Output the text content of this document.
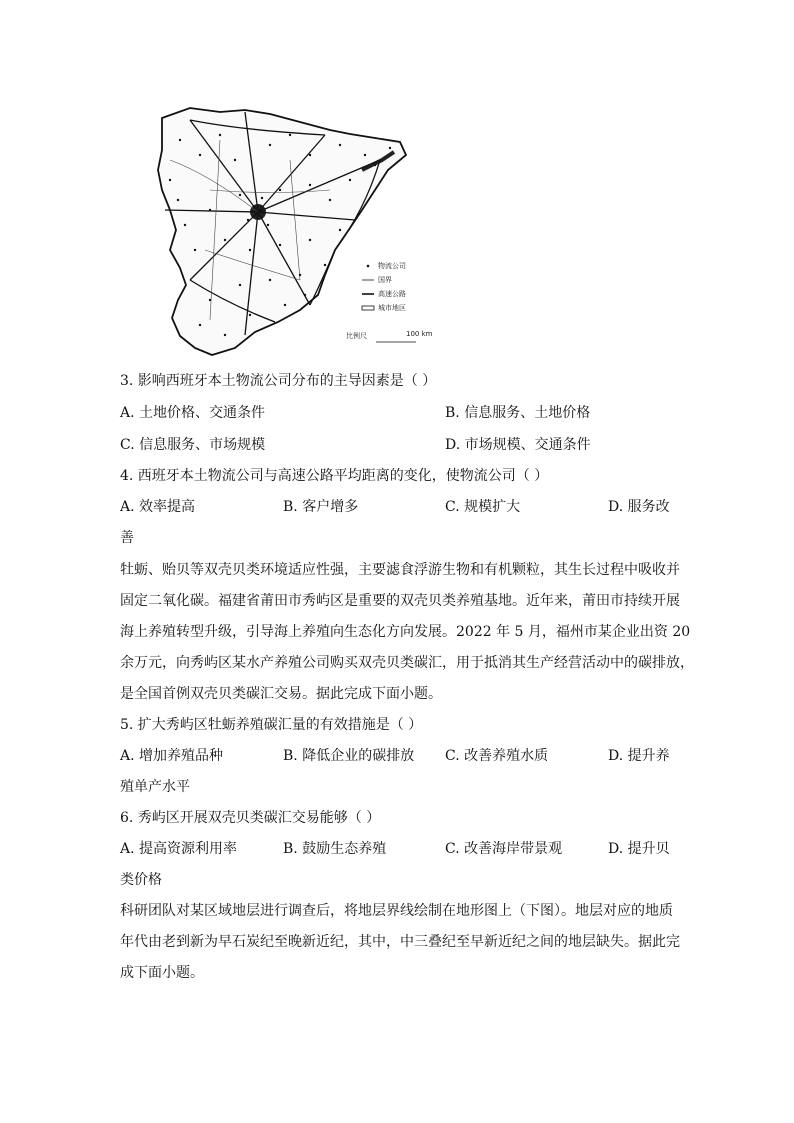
物流公司
国界
高速公路
城市地区
比例尺	100 km
3. 影响西班牙本土物流公司分布的主导因素是（ ）
A. 土地价格、交通条件	B. 信息服务、土地价格
C. 信息服务、市场规模	D. 市场规模、交通条件
4. 西班牙本土物流公司与高速公路平均距离的变化，使物流公司（ ）
A. 效率提高	B. 客户增多	C. 规模扩大	D. 服务改
善
牡蛎、贻贝等双壳贝类环境适应性强，主要滤食浮游生物和有机颗粒，其生长过程中吸收并
固定二氧化碳。福建省莆田市秀屿区是重要的双壳贝类养殖基地。近年来，莆田市持续开展
海上养殖转型升级，引导海上养殖向生态化方向发展。2022 年 5 月，福州市某企业出资 20
余万元，向秀屿区某水产养殖公司购买双壳贝类碳汇，用于抵消其生产经营活动中的碳排放，
是全国首例双壳贝类碳汇交易。据此完成下面小题。
5. 扩大秀屿区牡蛎养殖碳汇量的有效措施是（ ）
A. 增加养殖品种	B. 降低企业的碳排放 C. 改善养殖水质	D. 提升养
殖单产水平
6. 秀屿区开展双壳贝类碳汇交易能够（ ）
A. 提高资源利用率	B. 鼓励生态养殖	C. 改善海岸带景观	D. 提升贝
类价格
科研团队对某区域地层进行调查后，将地层界线绘制在地形图上（下图）。地层对应的地质
年代由老到新为早石炭纪至晚新近纪，其中，中三叠纪至早新近纪之间的地层缺失。据此完
成下面小题。
